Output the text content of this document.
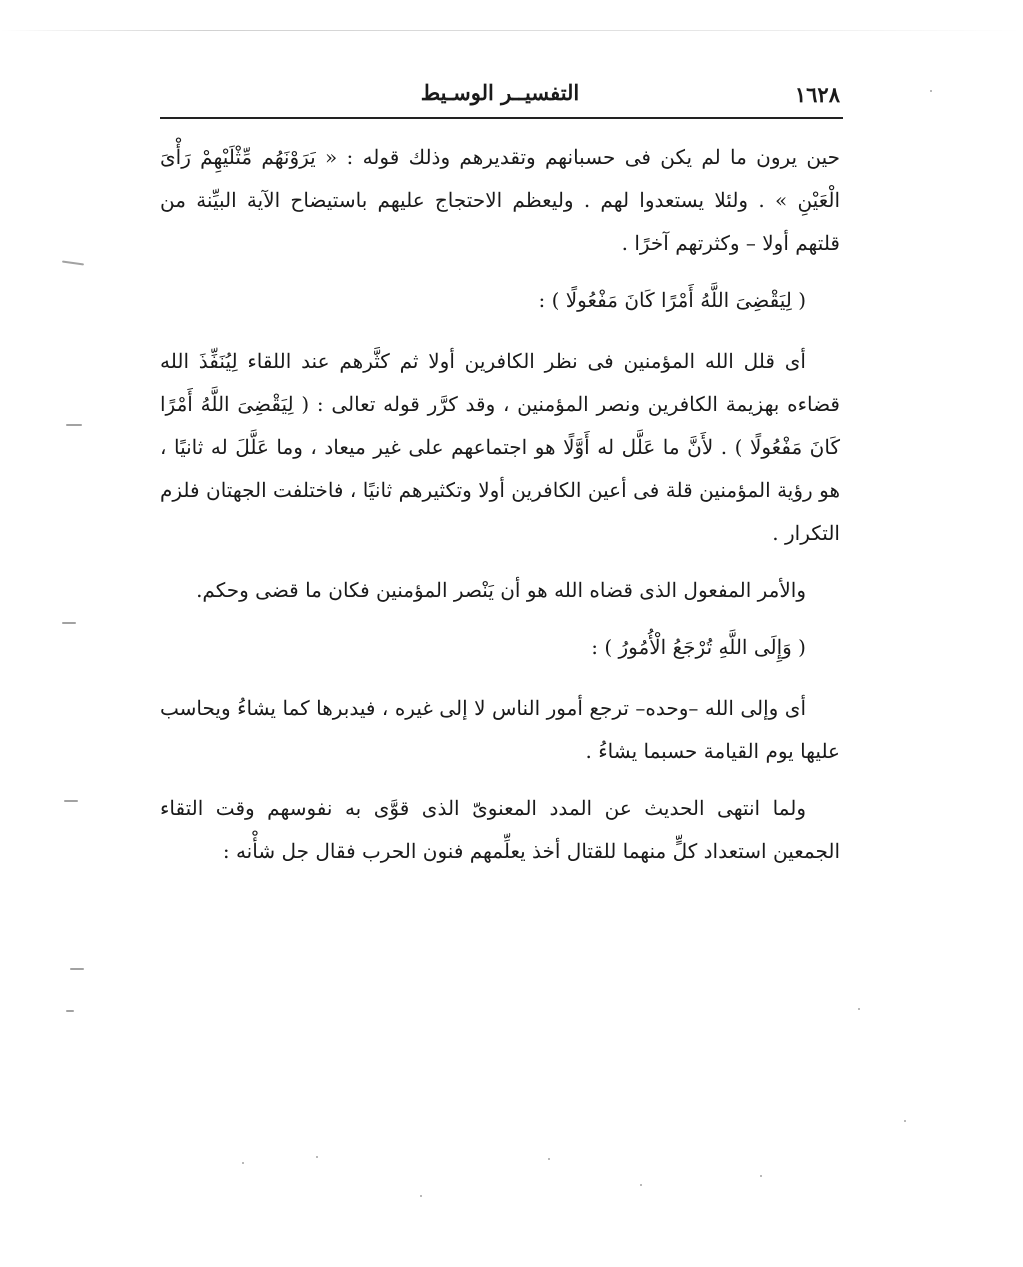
١٦٢٨
التفسيــر الوسـيط

حين يرون ما لم يكن فى حسبانهم وتقديرهم وذلك قوله : « يَرَوْنَهُم مِّثْلَيْهِمْ رَأْىَ الْعَيْنِ » . ولئلا يستعدوا لهم . وليعظم الاحتجاج عليهم باستيضاح الآية البيِّنة من قلتهم أولا – وكثرتهم آخرًا .

( لِيَقْضِىَ اللَّهُ أَمْرًا كَانَ مَفْعُولًا ) :

أى قلل الله المؤمنين فى نظر الكافرين أولا ثم كثَّرهم عند اللقاء لِيُنَفِّذَ الله قضاءه بهزيمة الكافرين ونصر المؤمنين ، وقد كرَّر قوله تعالى : ( لِيَقْضِىَ اللَّهُ أَمْرًا كَانَ مَفْعُولًا ) . لأَنَّ ما عَلَّل له أَوَّلًا هو اجتماعهم على غير ميعاد ، وما عَلَّلَ له ثانيًا ، هو رؤية المؤمنين قلة فى أعين الكافرين أولا وتكثيرهم ثانيًا ، فاختلفت الجهتان فلزم التكرار .

والأمر المفعول الذى قضاه الله هو أن يَنْصر المؤمنين فكان ما قضى وحكم.

( وَإِلَى اللَّهِ تُرْجَعُ الْأُمُورُ ) :

أى وإلى الله –وحده– ترجع أمور الناس لا إلى غيره ، فيدبرها كما يشاءُ ويحاسب عليها يوم القيامة حسبما يشاءُ .

ولما انتهى الحديث عن المدد المعنوىّ الذى قوَّى به نفوسهم وقت التقاء الجمعين استعداد كلٍّ منهما للقتال أخذ يعلِّمهم فنون الحرب فقال جل شأْنه :
